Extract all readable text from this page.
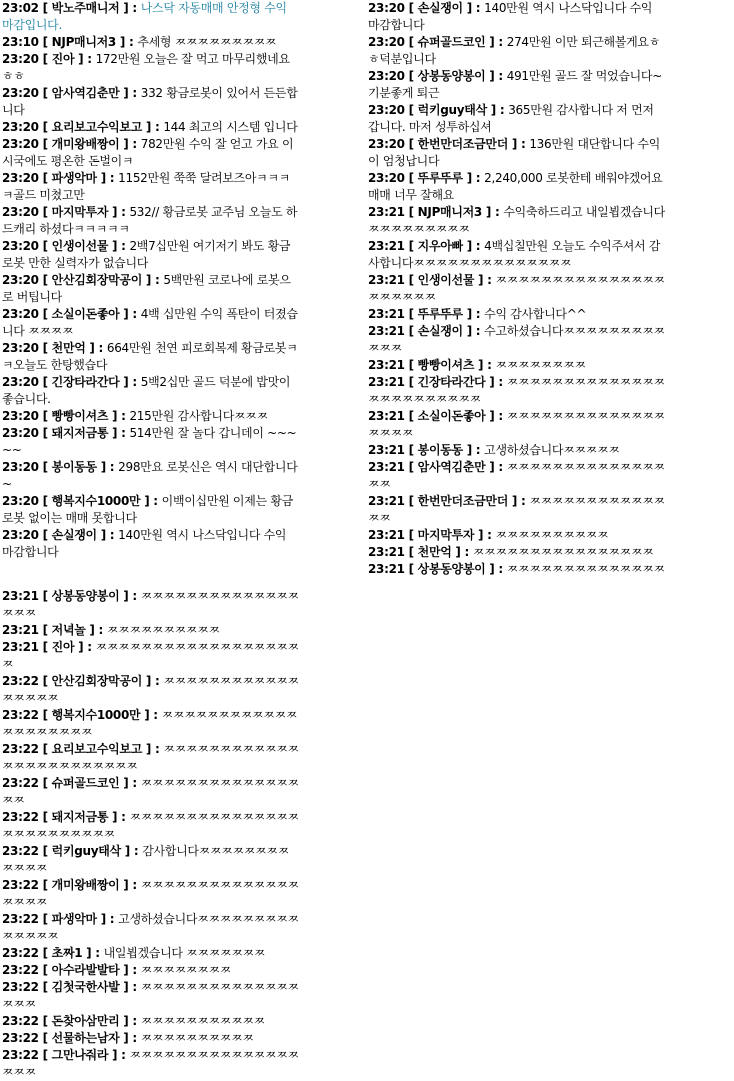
23:02 [ 박노주매니저 ] : 나스닥 자동매매 안정형 수익 마감입니다.
23:10 [ NJP매니저3 ] : 추세형 ㅉㅉㅉㅉㅉㅉㅉㅉㅉ
23:20 [ 진아 ] : 172만원 오늘은 잘 먹고 마무리했네요ㅎㅎ
23:20 [ 암사역김춘만 ] : 332 황금로봇이 있어서 든든합니다
23:20 [ 요리보고수익보고 ] : 144 최고의 시스템 입니다
23:20 [ 개미왕배짱이 ] : 782만원 수익 잘 얻고 가요 이 시국에도 평온한 돈벌이ㅋ
23:20 [ 파생악마 ] : 1152만원 쭉쭉 달려보즈아ㅋㅋㅋㅋ골드 미쳤고만
23:20 [ 마지막투자 ] : 532// 황금로봇 교주님 오늘도 하드캐리 하셨다ㅋㅋㅋㅋㅋ
23:20 [ 인생이선물 ] : 2백7십만원 여기저기 봐도 황금로봇 만한 실력자가 없습니다
23:20 [ 안산김회장막공이 ] : 5백만원 코로나에 로봇으로 버팁니다
23:20 [ 소실이돈좋아 ] : 4백 십만원 수익 폭탄이 터졌습니다 ㅉㅉㅉㅉ
23:20 [ 천만억 ] : 664만원 천연 피로회복제 황금로봇ㅋㅋ오늘도 한탕했습다
23:20 [ 긴장타라간다 ] : 5백2십만 골드 덕분에 밥맛이 좋습니다.
23:20 [ 빵빵이셔츠 ] : 215만원 감사합니다ㅉㅉㅉ
23:20 [ 돼지저금통 ] : 514만원 잘 놀다 갑니데이 ~~~~~
23:20 [ 봉이동동 ] : 298만요 로봇신은 역시 대단합니다~
23:20 [ 행복지수1000만 ] : 이백이십만원 이제는 황금로봇 없이는 매매 못합니다
23:20 [ 손실쟁이 ] : 140만원 역시 나스닥입니다 수익 마감합니다
23:20 [ 손실쟁이 ] : 140만원 역시 나스닥입니다 수익 마감합니다
23:20 [ 슈퍼골드코인 ] : 274만원 이만 퇴근해볼게요ㅎㅎ덕분입니다
23:20 [ 상봉동양봉이 ] : 491만원 골드 잘 먹었습니다~기분좋게 퇴근
23:20 [ 럭키guy태삭 ] : 365만원 감사합니다 저 먼저 갑니다. 마저 성투하십셔
23:20 [ 한번만더조금만더 ] : 136만원 대단합니다 수익이 엄청납니다
23:20 [ 뚜루뚜루 ] : 2,240,000 로봇한테 배워야겠어요 매매 너무 잘해요
23:21 [ NJP매니저3 ] : 수익축하드리고 내일뵙겠습니다 ㅉㅉㅉㅉㅉㅉㅉㅉㅉ
23:21 [ 지우아빠 ] : 4백십칠만원 오늘도 수익주셔서 감사합니다ㅉㅉㅉㅉㅉㅉㅉㅉㅉㅉㅉㅉㅉㅉ
23:21 [ 인생이선물 ] : ㅉㅉㅉㅉㅉㅉㅉㅉㅉㅉㅉㅉㅉㅉㅉㅉㅉㅉㅉㅉㅉ
23:21 [ 뚜루뚜루 ] : 수익 감사합니다^^
23:21 [ 손실쟁이 ] : 수고하셨습니다ㅉㅉㅉㅉㅉㅉㅉㅉㅉㅉㅉㅉ
23:21 [ 빵빵이셔츠 ] : ㅉㅉㅉㅉㅉㅉㅉㅉ
23:21 [ 긴장타라간다 ] : ㅉㅉㅉㅉㅉㅉㅉㅉㅉㅉㅉㅉㅉㅉㅉㅉㅉㅉㅉㅉㅉㅉㅉㅉ
23:21 [ 소실이돈좋아 ] : ㅉㅉㅉㅉㅉㅉㅉㅉㅉㅉㅉㅉㅉㅉㅉㅉㅉㅉ
23:21 [ 봉이동동 ] : 고생하셨습니다ㅉㅉㅉㅉㅉ
23:21 [ 암사역김춘만 ] : ㅉㅉㅉㅉㅉㅉㅉㅉㅉㅉㅉㅉㅉㅉㅉㅉ
23:21 [ 한번만더조금만더 ] : ㅉㅉㅉㅉㅉㅉㅉㅉㅉㅉㅉㅉㅉㅉ
23:21 [ 마지막투자 ] : ㅉㅉㅉㅉㅉㅉㅉㅉㅉㅉ
23:21 [ 천만억 ] : ㅉㅉㅉㅉㅉㅉㅉㅉㅉㅉㅉㅉㅉㅉㅉㅉ
23:21 [ 상봉동양봉이 ] : ㅉㅉㅉㅉㅉㅉㅉㅉㅉㅉㅉㅉㅉㅉ
23:21 [ 상봉동양봉이 ] : ㅉㅉㅉㅉㅉㅉㅉㅉㅉㅉㅉㅉㅉㅉㅉㅉㅉ
23:21 [ 저녁놀 ] : ㅉㅉㅉㅉㅉㅉㅉㅉㅉㅉ
23:21 [ 진아 ] : ㅉㅉㅉㅉㅉㅉㅉㅉㅉㅉㅉㅉㅉㅉㅉㅉㅉㅉㅉ
23:22 [ 안산김회장막공이 ] : ㅉㅉㅉㅉㅉㅉㅉㅉㅉㅉㅉㅉㅉㅉㅉㅉㅉ
23:22 [ 행복지수1000만 ] : ㅉㅉㅉㅉㅉㅉㅉㅉㅉㅉㅉㅉㅉㅉㅉㅉㅉㅉㅉㅉ
23:22 [ 요리보고수익보고 ] : ㅉㅉㅉㅉㅉㅉㅉㅉㅉㅉㅉㅉㅉㅉㅉㅉㅉㅉㅉㅉㅉㅉㅉㅉ
23:22 [ 슈퍼골드코인 ] : ㅉㅉㅉㅉㅉㅉㅉㅉㅉㅉㅉㅉㅉㅉㅉㅉ
23:22 [ 돼지저금통 ] : ㅉㅉㅉㅉㅉㅉㅉㅉㅉㅉㅉㅉㅉㅉㅉㅉㅉㅉㅉㅉㅉㅉㅉㅉㅉ
23:22 [ 럭키guy태삭 ] : 감사합니다ㅉㅉㅉㅉㅉㅉㅉㅉㅉㅉㅉㅉ
23:22 [ 개미왕배짱이 ] : ㅉㅉㅉㅉㅉㅉㅉㅉㅉㅉㅉㅉㅉㅉㅉㅉㅉㅉ
23:22 [ 파생악마 ] : 고생하셨습니다ㅉㅉㅉㅉㅉㅉㅉㅉㅉㅉㅉㅉㅉㅉ
23:22 [ 초짜1 ] : 내일뵙겠습니다 ㅉㅉㅉㅉㅉㅉㅉ
23:22 [ 아수라발발타 ] : ㅉㅉㅉㅉㅉㅉㅉㅉ
23:22 [ 김첫국한사발 ] : ㅉㅉㅉㅉㅉㅉㅉㅉㅉㅉㅉㅉㅉㅉㅉㅉㅉ
23:22 [ 돈찾아삼만리 ] : ㅉㅉㅉㅉㅉㅉㅉㅉㅉㅉㅉ
23:22 [ 선물하는남자 ] : ㅉㅉㅉㅉㅉㅉㅉㅉㅉㅉ
23:22 [ 그만나줘라 ] : ㅉㅉㅉㅉㅉㅉㅉㅉㅉㅉㅉㅉㅉㅉㅉㅉㅉㅉ
